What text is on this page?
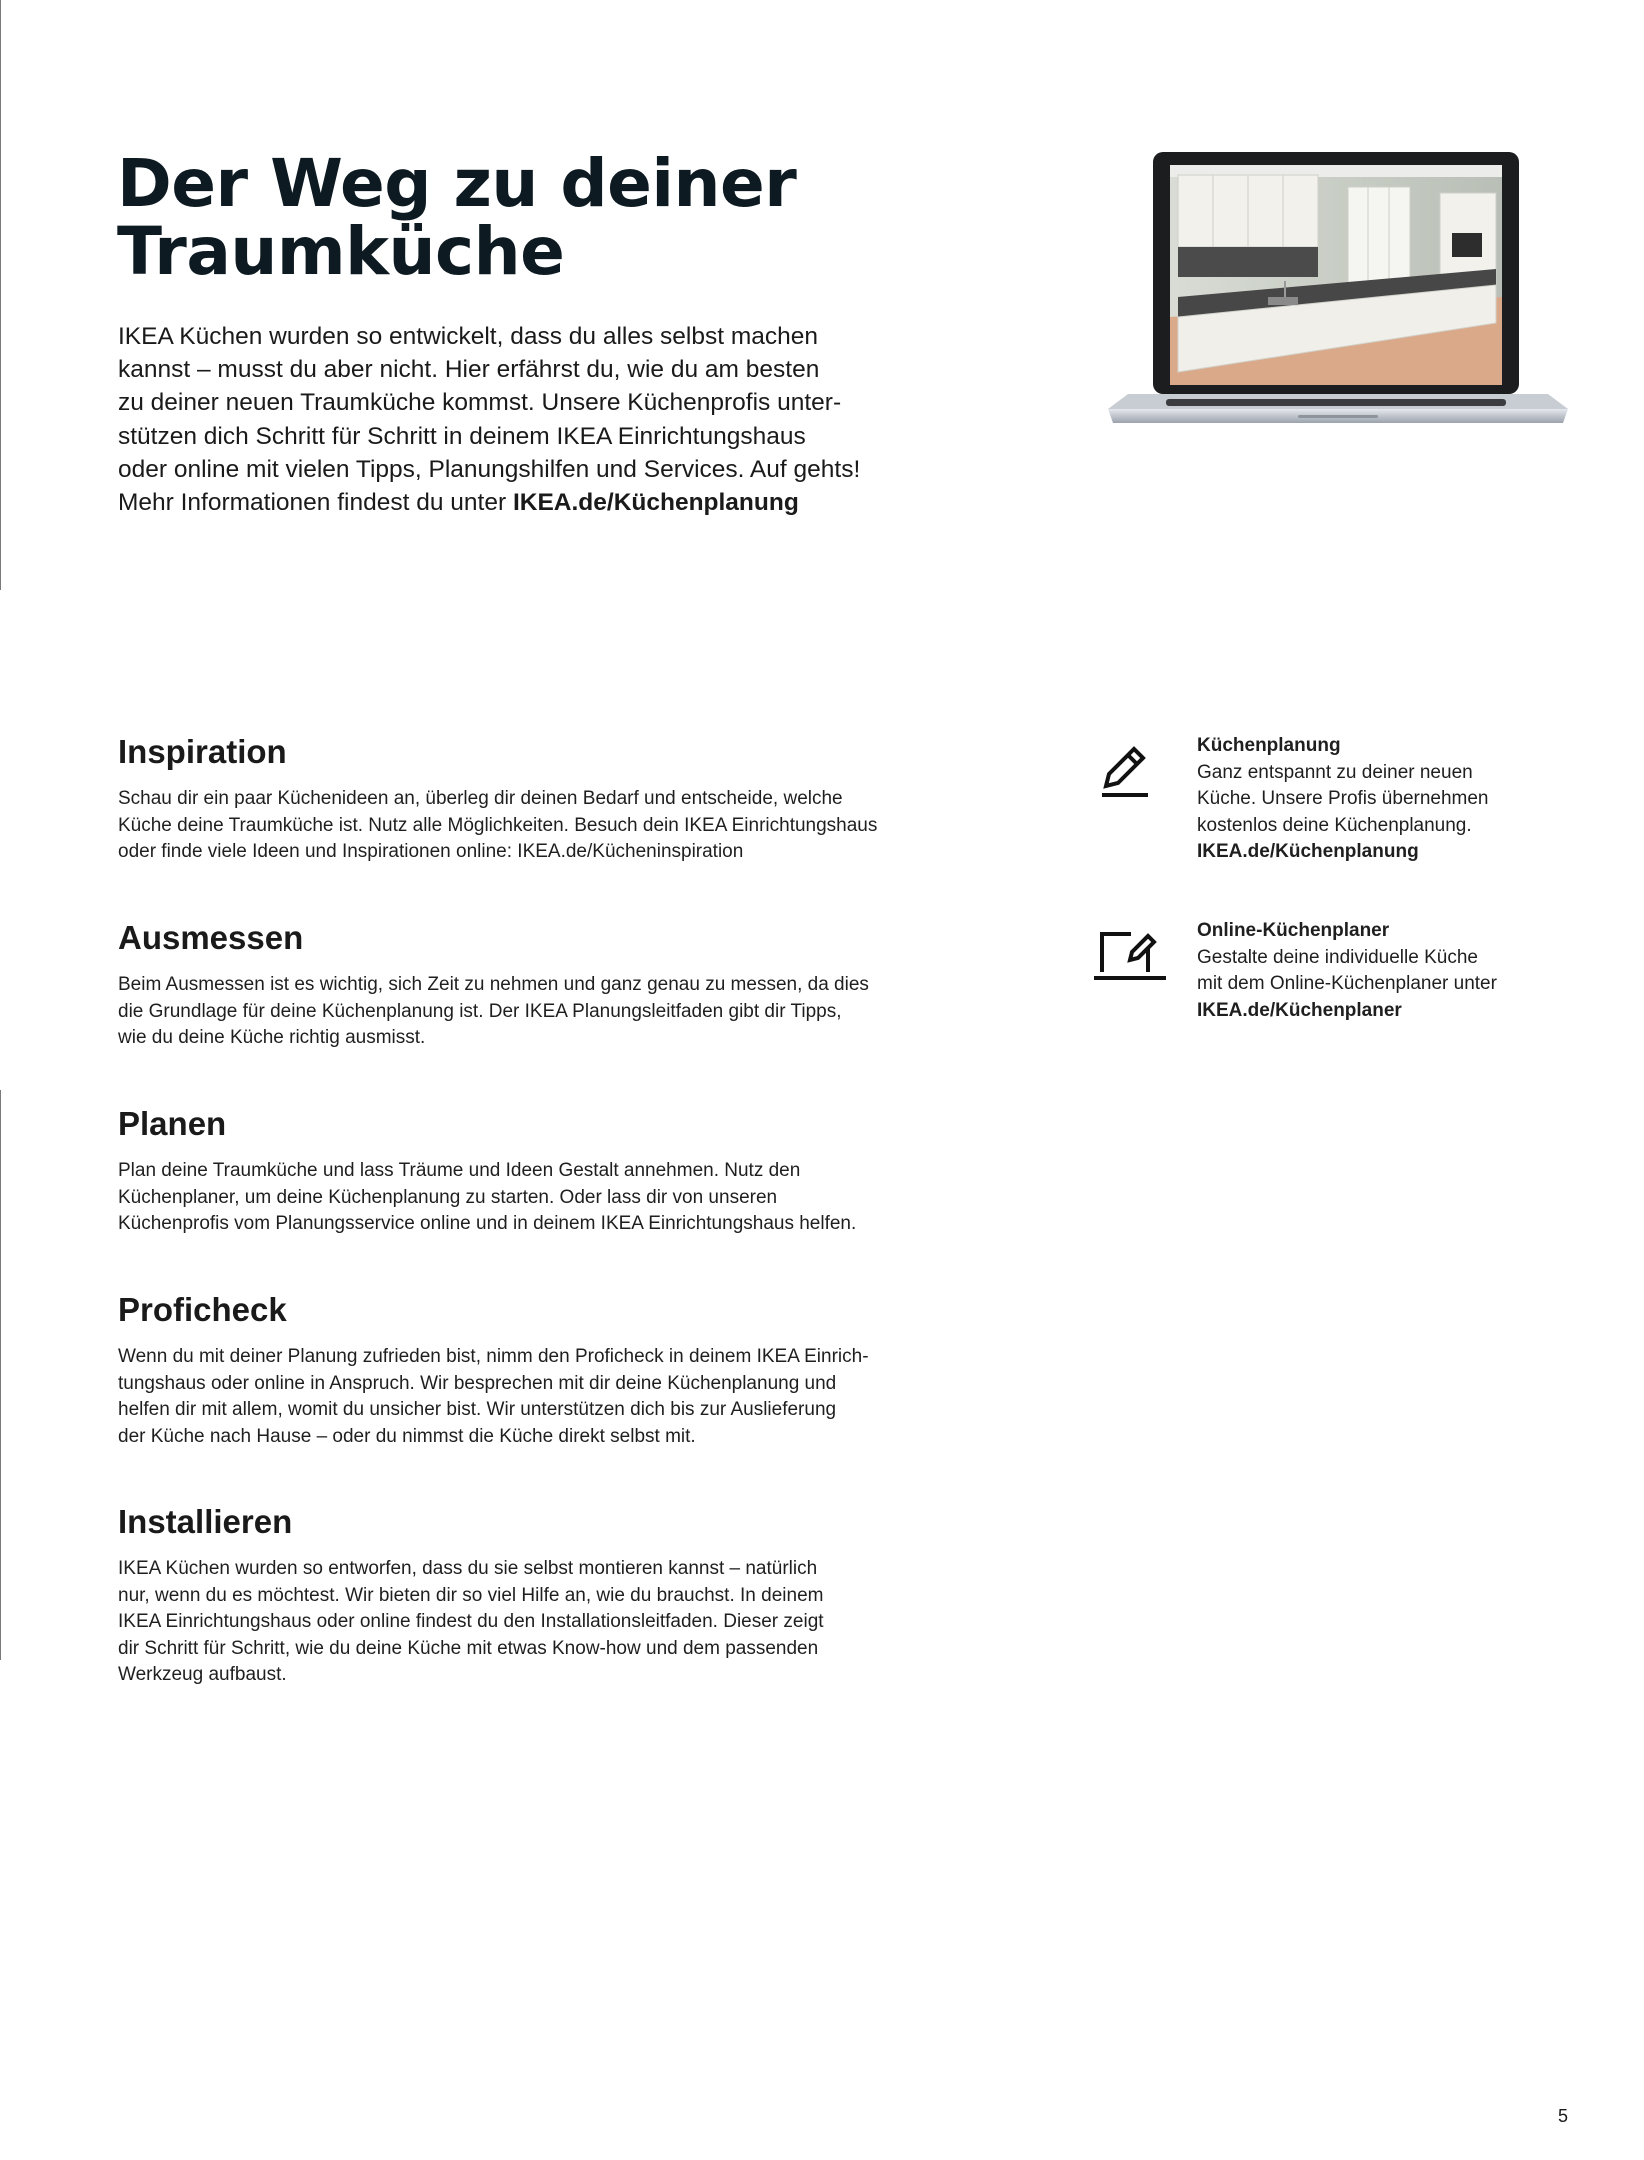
Der Weg zu deiner
Traumküche

IKEA Küchen wurden so entwickelt, dass du alles selbst machen
kannst – musst du aber nicht. Hier erfährst du, wie du am besten
zu deiner neuen Traumküche kommst. Unsere Küchenprofis unter-
stützen dich Schritt für Schritt in deinem IKEA Einrichtungshaus
oder online mit vielen Tipps, Planungshilfen und Services. Auf gehts!
Mehr Informationen findest du unter IKEA.de/Küchenplanung

Inspiration

Schau dir ein paar Küchenideen an, überleg dir deinen Bedarf und entscheide, welche
Küche deine Traumküche ist. Nutz alle Möglichkeiten. Besuch dein IKEA Einrichtungshaus
oder finde viele Ideen und Inspirationen online: IKEA.de/Kücheninspiration

Ausmessen

Beim Ausmessen ist es wichtig, sich Zeit zu nehmen und ganz genau zu messen, da dies
die Grundlage für deine Küchenplanung ist. Der IKEA Planungsleitfaden gibt dir Tipps,
wie du deine Küche richtig ausmisst.

Planen

Plan deine Traumküche und lass Träume und Ideen Gestalt annehmen. Nutz den
Küchenplaner, um deine Küchenplanung zu starten. Oder lass dir von unseren
Küchenprofis vom Planungsservice online und in deinem IKEA Einrichtungshaus helfen.

Proficheck

Wenn du mit deiner Planung zufrieden bist, nimm den Proficheck in deinem IKEA Einrich-
tungshaus oder online in Anspruch. Wir besprechen mit dir deine Küchenplanung und
helfen dir mit allem, womit du unsicher bist. Wir unterstützen dich bis zur Auslieferung
der Küche nach Hause – oder du nimmst die Küche direkt selbst mit.

Installieren

IKEA Küchen wurden so entworfen, dass du sie selbst montieren kannst – natürlich
nur, wenn du es möchtest. Wir bieten dir so viel Hilfe an, wie du brauchst. In deinem
IKEA Einrichtungshaus oder online findest du den Installationsleitfaden. Dieser zeigt
dir Schritt für Schritt, wie du deine Küche mit etwas Know-how und dem passenden
Werkzeug aufbaust.

Küchenplanung
Ganz entspannt zu deiner neuen
Küche. Unsere Profis übernehmen
kostenlos deine Küchenplanung.
IKEA.de/Küchenplanung
Online-Küchenplaner
Gestalte deine individuelle Küche
mit dem Online-Küchenplaner unter
IKEA.de/Küchenplaner
5
